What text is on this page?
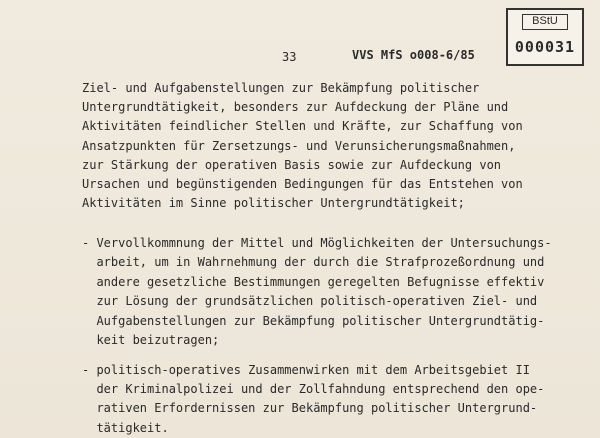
BStU
000031
33	VVS MfS o008-6/85
Ziel- und Aufgabenstellungen zur Bekämpfung politischer
Untergrundtätigkeit, besonders zur Aufdeckung der Pläne und
Aktivitäten feindlicher Stellen und Kräfte, zur Schaffung von
Ansatzpunkten für Zersetzungs- und Verunsicherungsmaßnahmen,
zur Stärkung der operativen Basis sowie zur Aufdeckung von
Ursachen und begünstigenden Bedingungen für das Entstehen von
Aktivitäten im Sinne politischer Untergrundtätigkeit;
- Vervollkommnung der Mittel und Möglichkeiten der Untersuchungs-
arbeit, um in Wahrnehmung der durch die Strafprozeßordnung und
andere gesetzliche Bestimmungen geregelten Befugnisse effektiv
zur Lösung der grundsätzlichen politisch-operativen Ziel- und
Aufgabenstellungen zur Bekämpfung politischer Untergrundtätig-
keit beizutragen;
- politisch-operatives Zusammenwirken mit dem Arbeitsgebiet II
der Kriminalpolizei und der Zollfahndung entsprechend den ope-
rativen Erfordernissen zur Bekämpfung politischer Untergrund-
tätigkeit.
